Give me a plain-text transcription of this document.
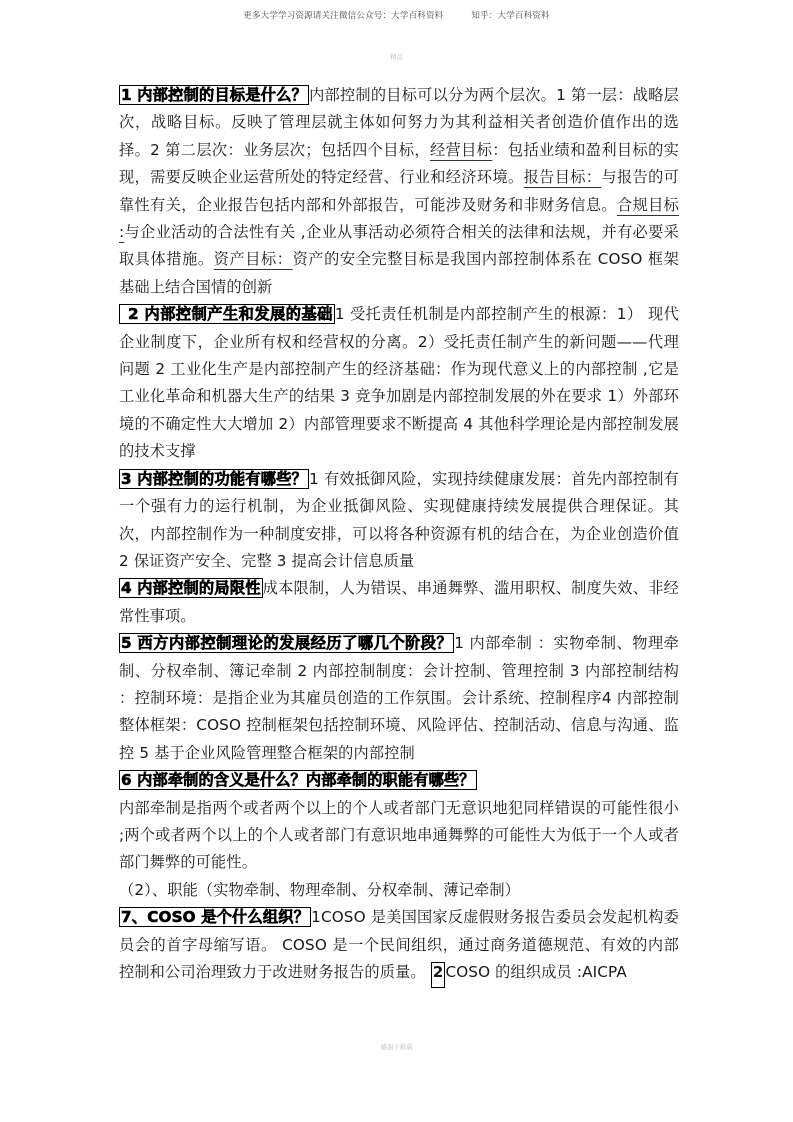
更多大学学习资源请关注微信公众号：大学百科资料	知乎：大学百科资料
精品

1 内部控制的目标是什么？ 内部控制的目标可以分为两个层次。1 第一层：战略层次，战略目标。反映了管理层就主体如何努力为其利益相关者创造价值作出的选择。2 第二层次：业务层次；包括四个目标，经营目标：包括业绩和盈利目标的实现，需要反映企业运营所处的特定经营、行业和经济环境。报告目标：与报告的可靠性有关，企业报告包括内部和外部报告，可能涉及财务和非财务信息。合规目标 :与企业活动的合法性有关 ,企业从事活动必须符合相关的法律和法规，并有必要采取具体措施。资产目标：资产的安全完整目标是我国内部控制体系在 COSO 框架基础上结合国情的创新

2 内部控制产生和发展的基础 1 受托责任机制是内部控制产生的根源：1） 现代企业制度下，企业所有权和经营权的分离。2）受托责任制产生的新问题——代理问题 2 工业化生产是内部控制产生的经济基础：作为现代意义上的内部控制 ,它是工业化革命和机器大生产的结果 3 竞争加剧是内部控制发展的外在要求 1）外部环境的不确定性大大增加 2）内部管理要求不断提高 4 其他科学理论是内部控制发展的技术支撑

3 内部控制的功能有哪些？ 1 有效抵御风险，实现持续健康发展：首先内部控制有一个强有力的运行机制，为企业抵御风险、实现健康持续发展提供合理保证。其次，内部控制作为一种制度安排，可以将各种资源有机的结合在，为企业创造价值 2 保证资产安全、完整 3 提高会计信息质量

4 内部控制的局限性 成本限制，人为错误、串通舞弊、滥用职权、制度失效、非经常性事项。

5 西方内部控制理论的发展经历了哪几个阶段？ 1 内部牵制 ：实物牵制、物理牵制、分权牵制、簿记牵制 2 内部控制制度：会计控制、管理控制 3 内部控制结构 ：控制环境：是指企业为其雇员创造的工作氛围。会计系统、控制程序4 内部控制整体框架：COSO 控制框架包括控制环境、风险评估、控制活动、信息与沟通、监控 5 基于企业风险管理整合框架的内部控制

6 内部牵制的含义是什么？内部牵制的职能有哪些？

内部牵制是指两个或者两个以上的个人或者部门无意识地犯同样错误的可能性很小 ;两个或者两个以上的个人或者部门有意识地串通舞弊的可能性大为低于一个人或者部门舞弊的可能性。

（2）、职能（实物牵制、物理牵制、分权牵制、薄记牵制）

7、COSO 是个什么组织？ 1COSO 是美国国家反虚假财务报告委员会发起机构委员会的首字母缩写语。 COSO 是一个民间组织，通过商务道德规范、有效的内部控制和公司治理致力于改进财务报告的质量。 2 COSO 的组织成员 :AICPA

感谢下载载
